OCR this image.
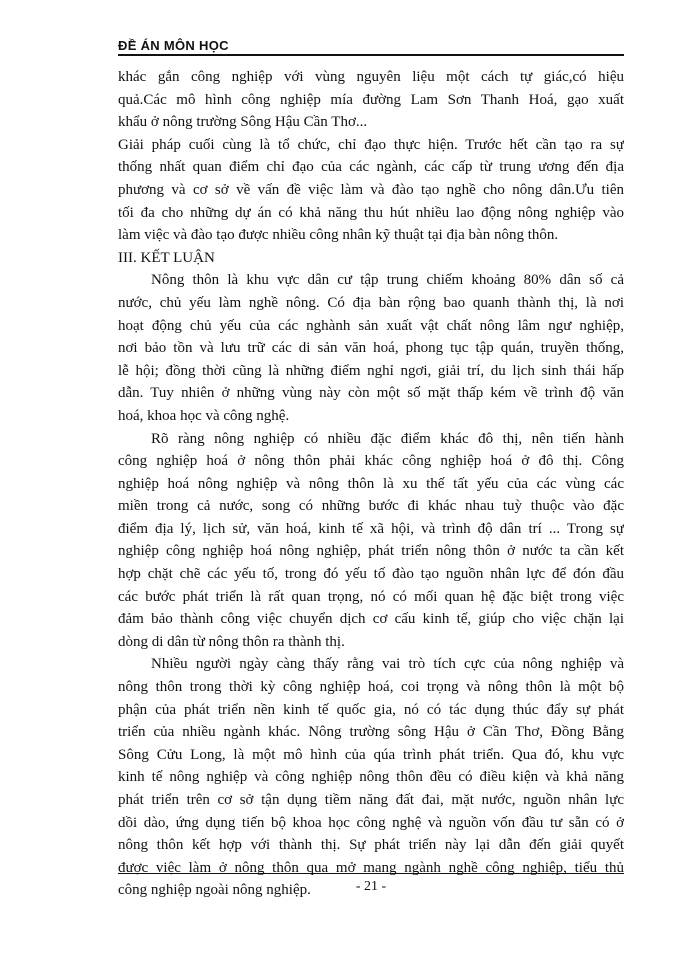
ĐỀ ÁN MÔN HỌC
khác gắn công nghiệp với vùng nguyên liệu một cách tự giác,có hiệu
quả.Các mô hình công nghiệp mía đường Lam Sơn Thanh Hoá, gạo xuất
khẩu ở nông trường Sông Hậu Cần Thơ...
Giải pháp cuối cùng là tổ chức, chỉ đạo thực hiện. Trước hết cần tạo ra sự
thống nhất quan điểm chỉ đạo của các ngành, các cấp từ trung ương đến địa
phương và cơ sở về vấn đề việc làm và đào tạo nghề cho nông dân.Ưu tiên
tối đa cho những dự án có khả năng thu hút nhiều lao động nông nghiệp vào
làm việc và đào tạo được nhiều công nhân kỹ thuật tại địa bàn nông thôn.
III. KẾT LUẬN
Nông thôn là khu vực dân cư tập trung chiếm khoảng 80% dân số cả
nước, chủ yếu làm nghề nông. Có địa bàn rộng bao quanh thành thị, là nơi
hoạt động chủ yếu của các nghành sản xuất vật chất nông lâm ngư nghiệp,
nơi bảo tồn và lưu trữ các di sản văn hoá, phong tục tập quán, truyền thống,
lễ hội; đồng thời cũng là những điểm nghỉ ngơi, giải trí, du lịch sinh thái hấp
dẫn. Tuy nhiên ở những vùng này còn một số mặt thấp kém về trình độ văn
hoá, khoa học và công nghệ.
Rõ ràng nông nghiệp có nhiều đặc điểm khác đô thị, nên tiến hành
công nghiệp hoá ở nông thôn phải khác công nghiệp hoá ở đô thị. Công
nghiệp hoá nông nghiệp và nông thôn là xu thế tất yếu của các vùng các
miền trong cả nước, song có những bước đi khác nhau tuỳ thuộc vào đặc
điểm địa lý, lịch sử, văn hoá, kinh tế xã hội, và trình độ dân trí ... Trong sự
nghiệp công nghiệp hoá nông nghiệp, phát triển nông thôn ở nước ta cần kết
hợp chặt chẽ các yếu tố, trong đó yếu tố đào tạo nguồn nhân lực để đón đầu
các bước phát triển là rất quan trọng, nó có mối quan hệ đặc biệt trong việc
đảm bảo thành công việc chuyển dịch cơ cấu kinh tế, giúp cho việc chặn lại
dòng di dân từ nông thôn ra thành thị.
Nhiều người ngày càng thấy rằng vai trò tích cực của nông nghiệp và
nông thôn trong thời kỳ công nghiệp hoá, coi trọng và nông thôn là một bộ
phận của phát triển nền kinh tế quốc gia, nó có tác dụng thúc đẩy sự phát
triển của nhiều ngành khác. Nông trường sông Hậu ở Cần Thơ, Đồng Bằng
Sông Cửu Long, là một mô hình của qúa trình phát triển. Qua đó, khu vực
kinh tế nông nghiệp và công nghiệp nông thôn đều có điều kiện và khả năng
phát triển trên cơ sở tận dụng tiềm năng đất đai, mặt nước, nguồn nhân lực
dồi dào, ứng dụng tiến bộ khoa học công nghệ và nguồn vốn đầu tư sẵn có ở
nông thôn kết hợp với thành thị. Sự phát triển này lại dẫn đến giải quyết
được việc làm ở nông thôn qua mở mang ngành nghề công nghiệp, tiểu thủ
công nghiệp ngoài nông nghiệp.	- 21 -
